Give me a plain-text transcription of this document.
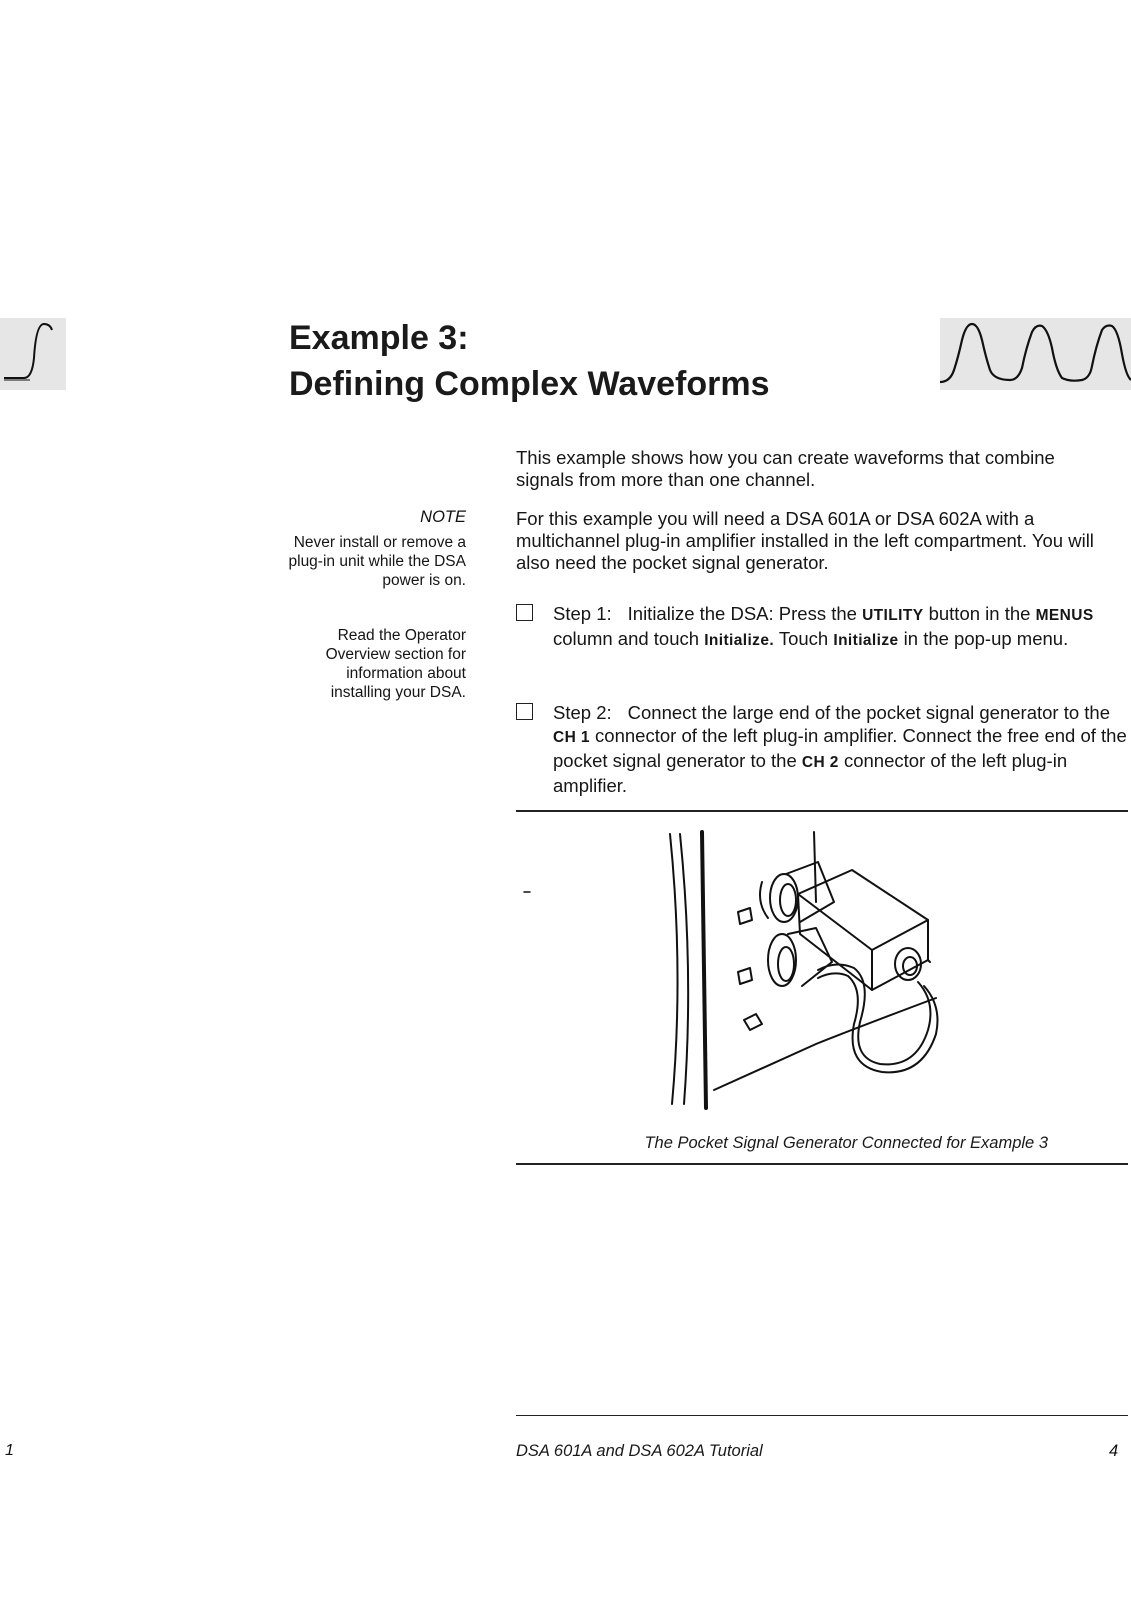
Example 3:
Defining Complex Waveforms
This example shows how you can create waveforms that combine signals from more than one channel.
For this example you will need a DSA 601A or DSA 602A with a multichannel plug-in amplifier installed in the left compartment. You will also need the pocket signal generator.
NOTE
Never install or remove a plug-in unit while the DSA power is on.
Read the Operator Overview section for information about installing your DSA.
Step 1: Initialize the DSA: Press the UTILITY button in the MENUS column and touch Initialize. Touch Initialize in the pop-up menu.
Step 2: Connect the large end of the pocket signal generator to the CH 1 connector of the left plug-in amplifier. Connect the free end of the pocket signal generator to the CH 2 connector of the left plug-in amplifier.
The Pocket Signal Generator Connected for Example 3
DSA 601A and DSA 602A Tutorial	4
1
